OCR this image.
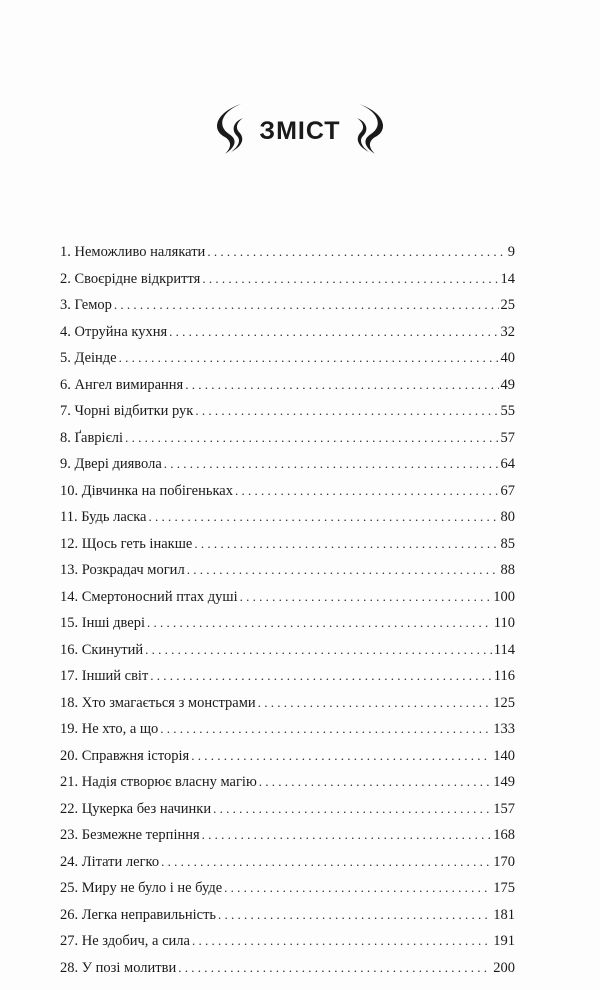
ЗМІСТ
1. Неможливо налякати . . .	9
2. Своєрідне відкриття . . .	14
3. Гемор . . .	25
4. Отруйна кухня . . .	32
5. Деінде . . .	40
6. Ангел вимирання . . .	49
7. Чорні відбитки рук . . .	55
8. Ґаврієлі . . .	57
9. Двері диявола . . .	64
10. Дівчинка на побігеньках . . .	67
11. Будь ласка . . .	80
12. Щось геть інакше . . .	85
13. Розкрадач могил . . .	88
14. Смертоносний птах душі . . .	100
15. Інші двері . . .	110
16. Скинутий . . .	114
17. Інший світ . . .	116
18. Хто змагається з монстрами . . .	125
19. Не хто, а що . . .	133
20. Справжня історія . . .	140
21. Надія створює власну магію . . .	149
22. Цукерка без начинки . . .	157
23. Безмежне терпіння . . .	168
24. Літати легко . . .	170
25. Миру не було і не буде . . .	175
26. Легка неправильність . . .	181
27. Не здобич, а сила . . .	191
28. У позі молитви . . .	200
